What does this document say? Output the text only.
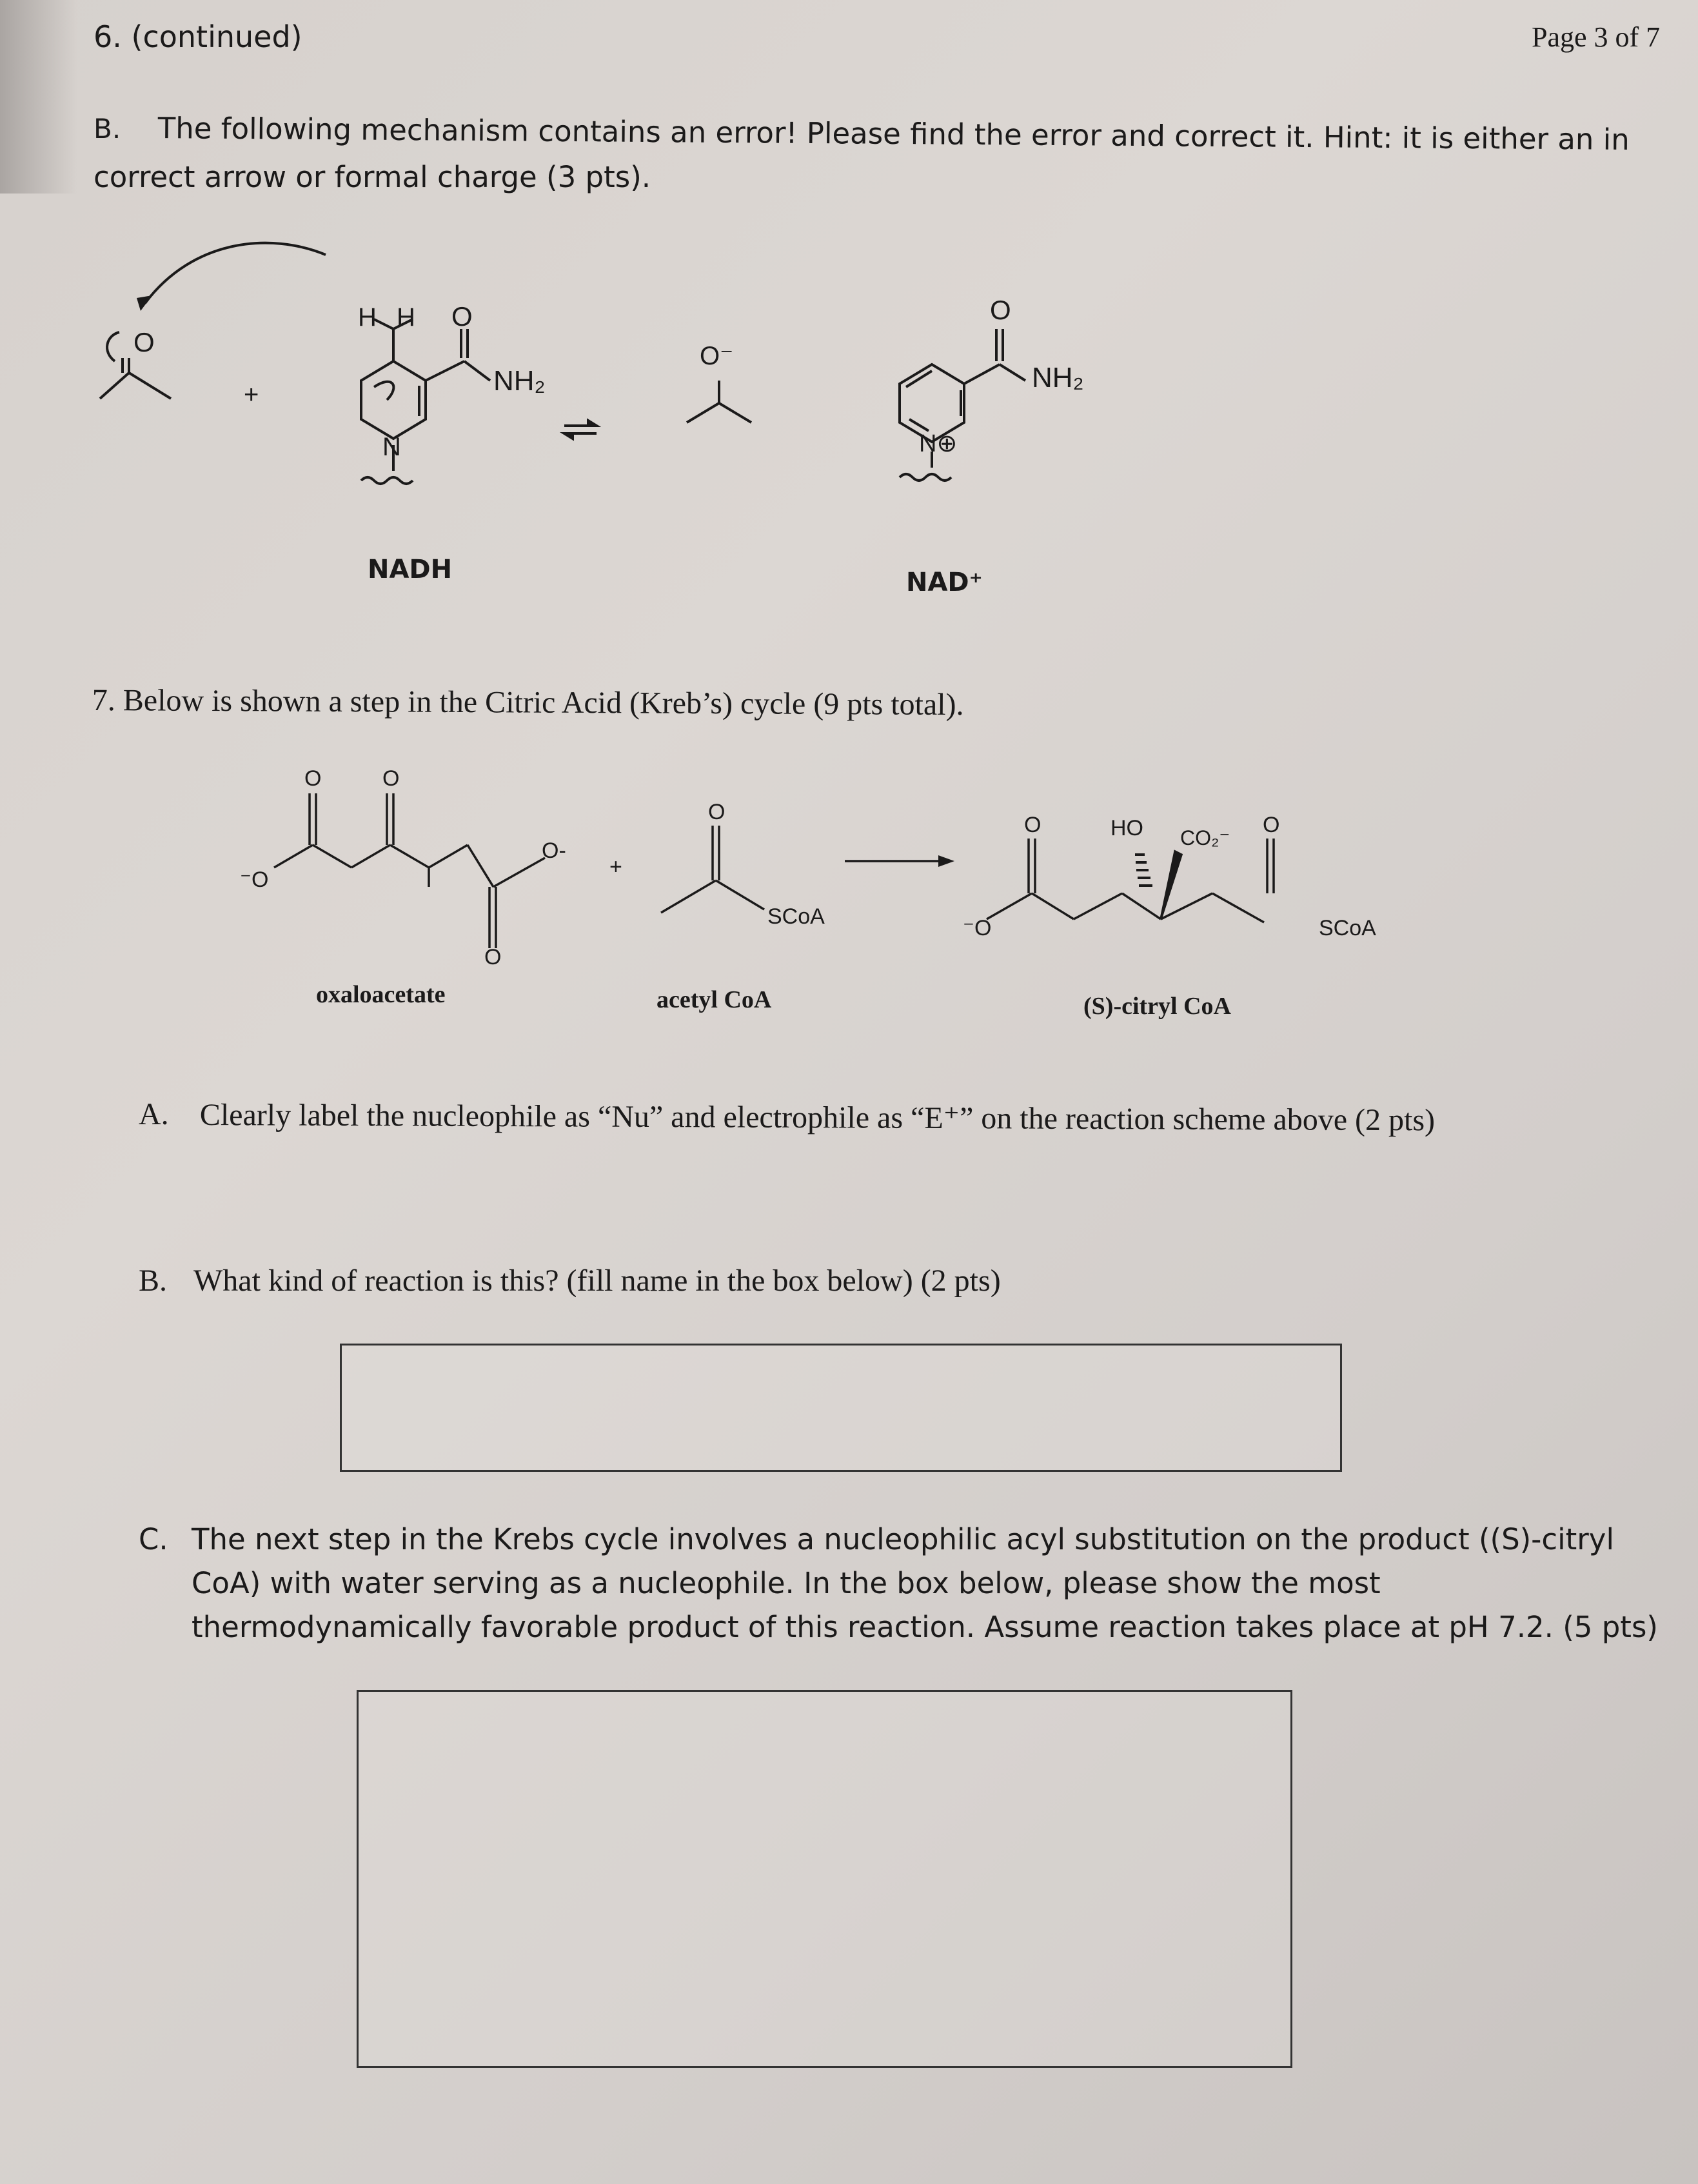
6. (continued)	Page 3 of 7
B. The following mechanism contains an error! Please find the error and correct it. Hint: it is either an in
correct arrow or formal charge (3 pts).
O
+
H H O
NH₂
N
O⁻
O
NH₂
N⊕
NADH	NAD⁺
7. Below is shown a step in the Citric Acid (Kreb’s) cycle (9 pts total).
O	O
⁻O
O-
O
+
O
SCoA	⁻O
O	HO CO₂⁻
O
SCoA
oxaloacetate	acetyl CoA	(S)-citryl CoA
A. Clearly label the nucleophile as “Nu” and electrophile as “E⁺” on the reaction scheme above (2 pts)
B. What kind of reaction is this? (fill name in the box below) (2 pts)
C. The next step in the Krebs cycle involves a nucleophilic acyl substitution on the product ((S)-citryl
CoA) with water serving as a nucleophile. In the box below, please show the most
thermodynamically favorable product of this reaction. Assume reaction takes place at pH 7.2. (5 pts)
